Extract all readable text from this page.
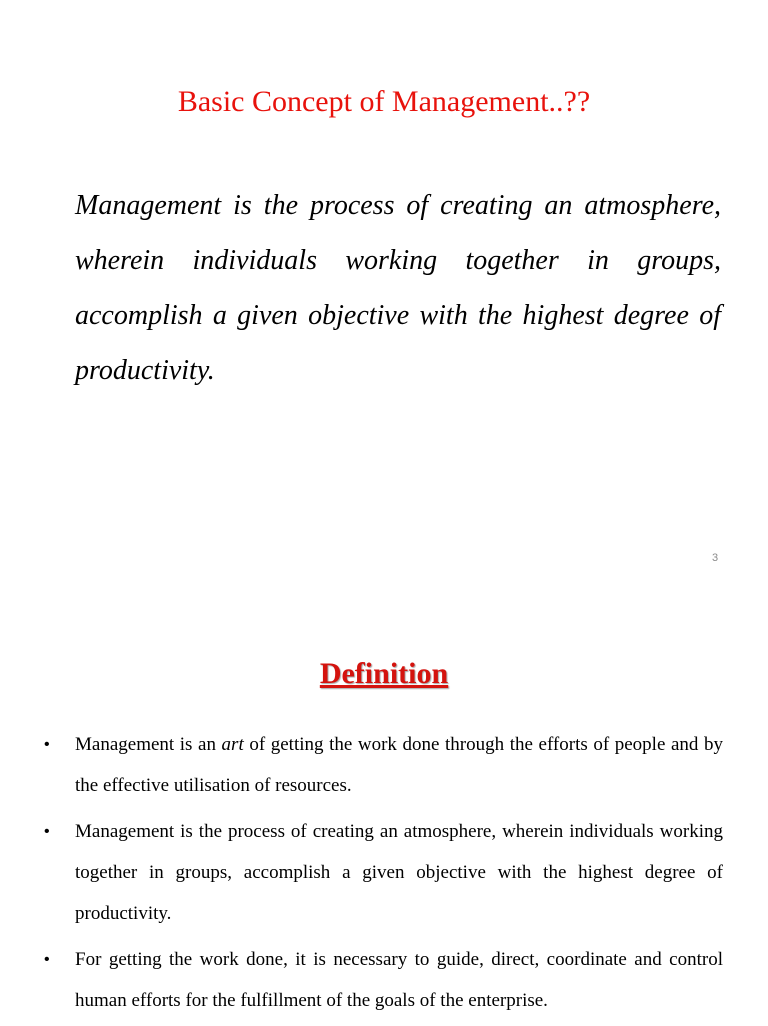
Basic Concept of Management..??

Management is the process of creating an atmosphere, wherein individuals working together in groups, accomplish a given objective with the highest degree of productivity.

3
Definition
• Management is an art of getting the work done through the efforts of people and by the effective utilisation of resources.
• Management is the process of creating an atmosphere, wherein individuals working together in groups, accomplish a given objective with the highest degree of productivity.
• For getting the work done, it is necessary to guide, direct, coordinate and control human efforts for the fulfillment of the goals of the enterprise.
